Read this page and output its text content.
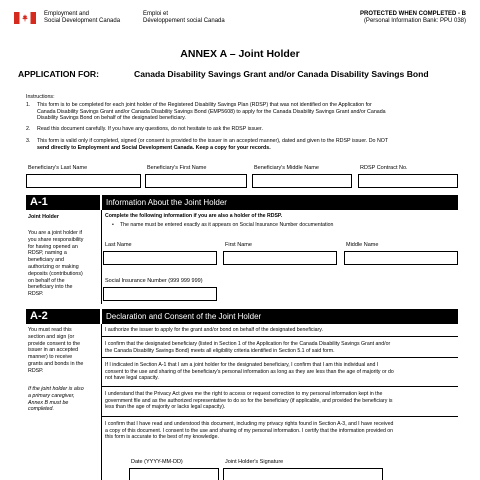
Employment and
Social Development Canada
Emploi et
Développement social Canada
PROTECTED WHEN COMPLETED - B
(Personal Information Bank: PPU 038)
ANNEX A – Joint Holder
APPLICATION FOR:	Canada Disability Savings Grant and/or Canada Disability Savings Bond
Instructions:
1. This form is to be completed for each joint holder of the Registered Disability Savings Plan (RDSP) that was not identified on the Application for
Canada Disability Savings Grant and/or Canada Disability Savings Bond (EMP5608) to apply for the Canada Disability Savings Grant and/or Canada
Disability Savings Bond on behalf of the designated beneficiary.
2. Read this document carefully. If you have any questions, do not hesitate to ask the RDSP issuer.
3. This form is valid only if completed, signed (or consent is provided to the issuer in an accepted manner), dated and given to the RDSP issuer. Do NOT
send directly to Employment and Social Development Canada. Keep a copy for your records.
Beneficiary's Last Name	Beneficiary's First Name	Beneficiary's Middle Name	RDSP Contract No.
A-1	Information About the Joint Holder
Joint Holder
You are a joint holder if
you share responsibility
for having opened an
RDSP, naming a
beneficiary and
authorizing or making
deposits (contributions)
on behalf of the
beneficiary into the
RDSP.
Complete the following information if you are also a holder of the RDSP.
• The name must be entered exactly as it appears on Social Insurance Number documentation
Last Name	First Name	Middle Name
Social Insurance Number (999 999 999)
A-2	Declaration and Consent of the Joint Holder
You must read this
section and sign (or
provide consent to the
issuer in an accepted
manner) to receive
grants and bonds in the
RDSP.
If the joint holder is also
a primary caregiver,
Annex B must be
completed.
I authorize the issuer to apply for the grant and/or bond on behalf of the designated beneficiary.
I confirm that the designated beneficiary (listed in Section 1 of the Application for the Canada Disability Savings Grant and/or
the Canada Disability Savings Bond) meets all eligibility criteria identified in Section 5.1 of said form.
If I indicated in Section A-1 that I am a joint holder for the designated beneficiary, I confirm that I am this individual and I
consent to the use and sharing of the beneficiary's personal information as long as they are less than the age of majority or do
not have legal capacity.
I understand that the Privacy Act gives me the right to access or request correction to my personal information kept in the
government file and as the authorized representative to do so for the beneficiary (if applicable, and provided the beneficiary is
less than the age of majority or lacks legal capacity).
I confirm that I have read and understood this document, including my privacy rights found in Section A-3, and I have received
a copy of this document. I consent to the use and sharing of my personal information. I certify that the information provided on
this form is accurate to the best of my knowledge.
Date (YYYY-MM-DD)	Joint Holder's Signature
